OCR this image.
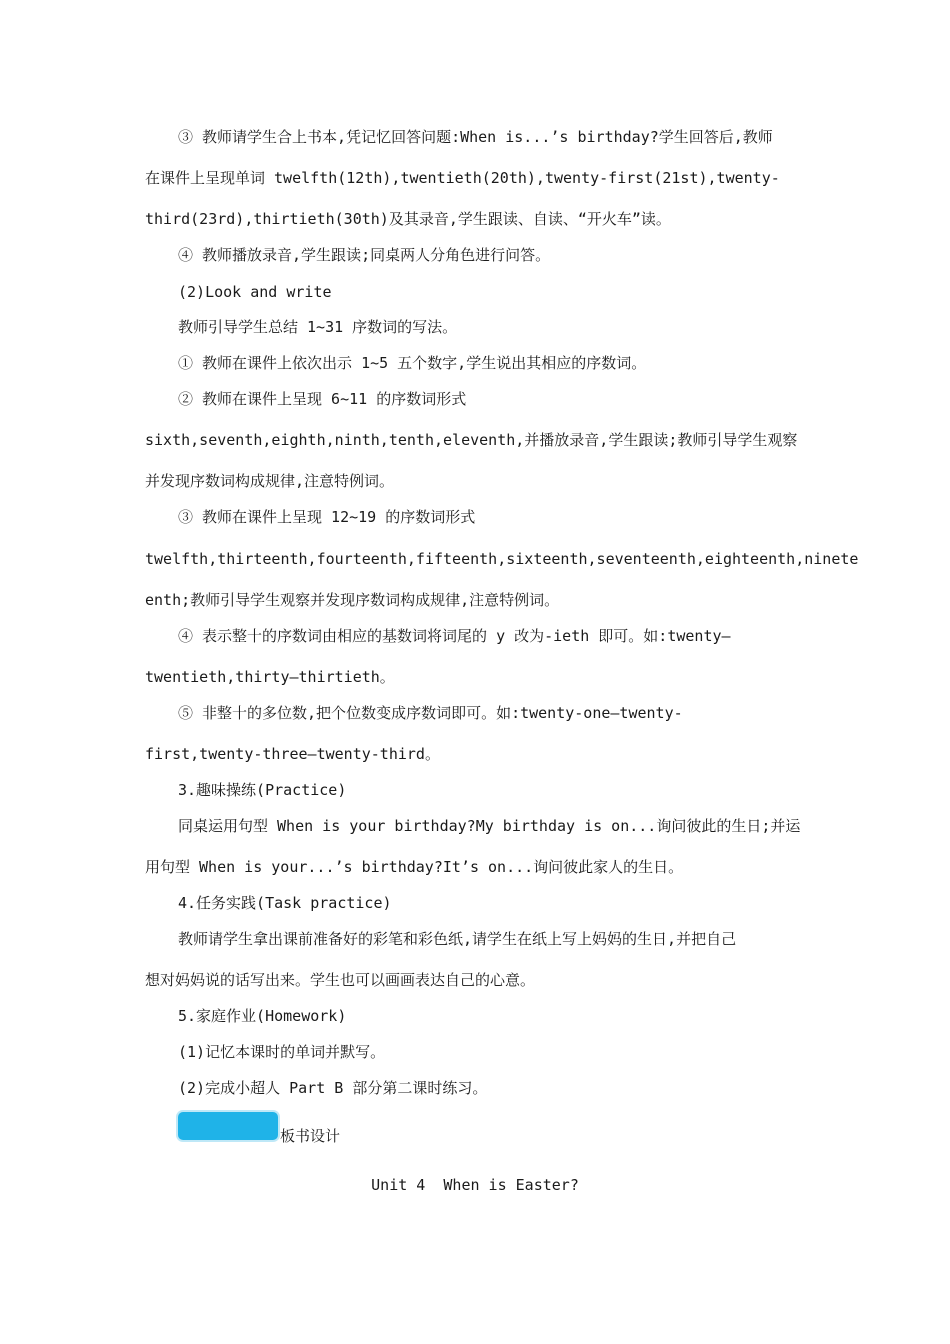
③ 教师请学生合上书本,凭记忆回答问题:When is...’s birthday?学生回答后,教师
在课件上呈现单词 twelfth(12th),twentieth(20th),twenty-first(21st),twenty-
third(23rd),thirtieth(30th)及其录音,学生跟读、自读、“开火车”读。
④ 教师播放录音,学生跟读;同桌两人分角色进行问答。
(2)Look and write
教师引导学生总结 1~31 序数词的写法。
① 教师在课件上依次出示 1~5 五个数字,学生说出其相应的序数词。
② 教师在课件上呈现 6~11 的序数词形式
sixth,seventh,eighth,ninth,tenth,eleventh,并播放录音,学生跟读;教师引导学生观察
并发现序数词构成规律,注意特例词。
③ 教师在课件上呈现 12~19 的序数词形式
twelfth,thirteenth,fourteenth,fifteenth,sixteenth,seventeenth,eighteenth,ninete
enth;教师引导学生观察并发现序数词构成规律,注意特例词。
④ 表示整十的序数词由相应的基数词将词尾的 y 改为-ieth 即可。如:twenty—
twentieth,thirty—thirtieth。
⑤ 非整十的多位数,把个位数变成序数词即可。如:twenty-one—twenty-
first,twenty-three—twenty-third。
3.趣味操练(Practice)
同桌运用句型 When is your birthday?My birthday is on...询问彼此的生日;并运
用句型 When is your...’s birthday?It’s on...询问彼此家人的生日。
4.任务实践(Task practice)
教师请学生拿出课前准备好的彩笔和彩色纸,请学生在纸上写上妈妈的生日,并把自己
想对妈妈说的话写出来。学生也可以画画表达自己的心意。
5.家庭作业(Homework)
(1)记忆本课时的单词并默写。
(2)完成小超人 Part B 部分第二课时练习。
板书设计
Unit 4  When is Easter?
